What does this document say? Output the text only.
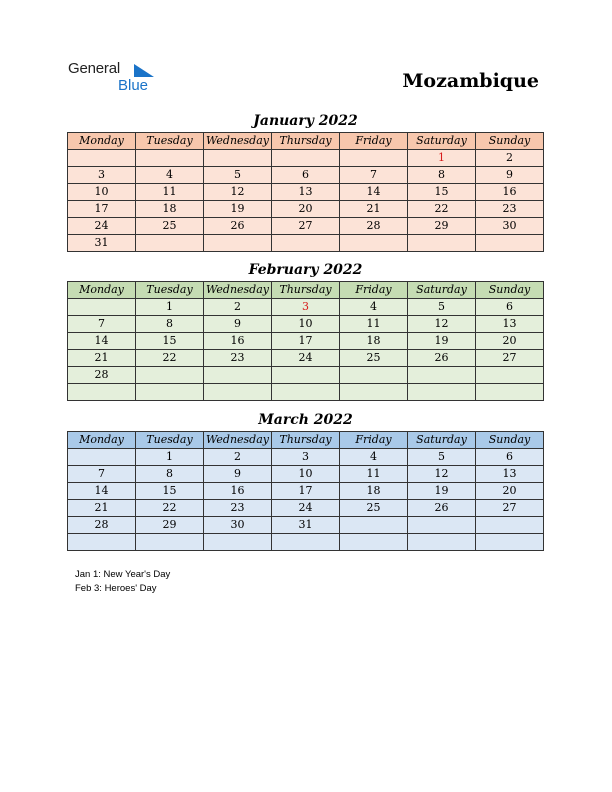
General
Blue	Mozambique
January 2022
Monday	Tuesday	Wednesday	Thursday	Friday	Saturday	Sunday
					1	2
3	4	5	6	7	8	9
10	11	12	13	14	15	16
17	18	19	20	21	22	23
24	25	26	27	28	29	30
31						
February 2022
Monday	Tuesday	Wednesday	Thursday	Friday	Saturday	Sunday
	1	2	3	4	5	6
7	8	9	10	11	12	13
14	15	16	17	18	19	20
21	22	23	24	25	26	27
28						

March 2022
Monday	Tuesday	Wednesday	Thursday	Friday	Saturday	Sunday
	1	2	3	4	5	6
7	8	9	10	11	12	13
14	15	16	17	18	19	20
21	22	23	24	25	26	27
28	29	30	31			

Jan 1: New Year's Day
Feb 3: Heroes' Day
